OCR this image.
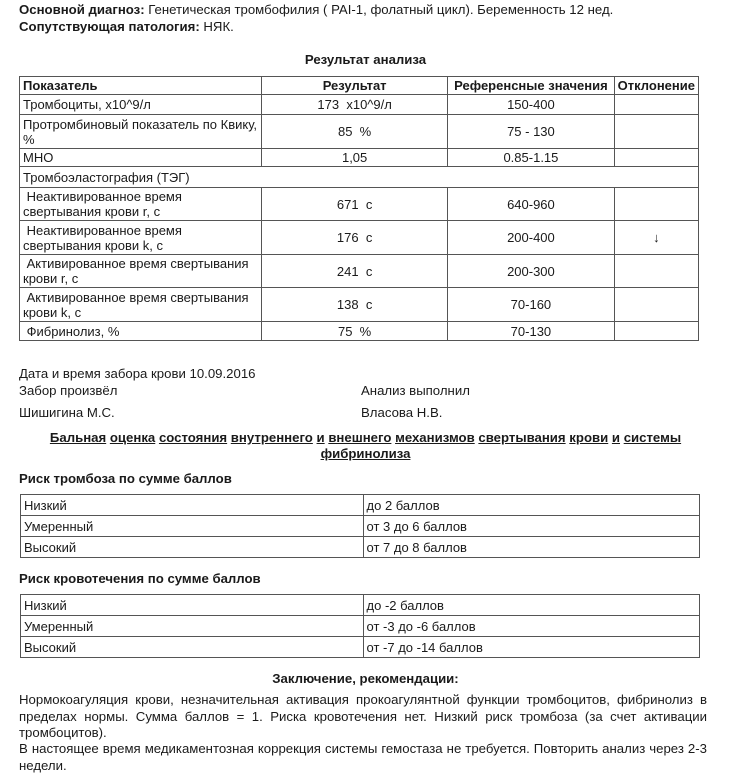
Основной диагноз: Генетическая тромбофилия ( PAI-1, фолатный цикл). Беременность 12 нед.
Сопутствующая патология: НЯК.
Результат анализа
Показатель	Результат	Референсные значения	Отклонение
Тромбоциты, x10^9/л	173  x10^9/л	150-400	
Протромбиновый показатель по Квику, %	85  %	75 - 130	
МНО	1,05	0.85-1.15	
Тромбоэластография (ТЭГ)			
Неактивированное время свертывания крови r, с	671  с	640-960	
Неактивированное время свертывания крови k, с	176  с	200-400	↓
Активированное время свертывания крови r, с	241  с	200-300	
Активированное время свертывания крови k, с	138  с	70-160	
Фибринолиз, %	75  %	70-130	
Дата и время забора крови 10.09.2016
Забор произвёл	Анализ выполнил
Шишигина М.С.	Власова Н.В.
Бальная оценка состояния внутреннего и внешнего механизмов свертывания крови и системы
фибринолиза
Риск тромбоза по сумме баллов
Низкий	до 2 баллов
Умеренный	от 3 до 6 баллов
Высокий	от 7 до 8 баллов
Риск кровотечения по сумме баллов
Низкий	до -2 баллов
Умеренный	от -3 до -6 баллов
Высокий	от -7 до -14 баллов
Заключение, рекомендации:
Нормокоагуляция крови, незначительная активация прокоагулянтной функции тромбоцитов, фибринолиз в пределах нормы. Сумма баллов = 1. Риска кровотечения нет. Низкий риск тромбоза (за счет активации тромбоцитов).
В настоящее время медикаментозная коррекция системы гемостаза не требуется. Повторить анализ через 2-3 недели.
